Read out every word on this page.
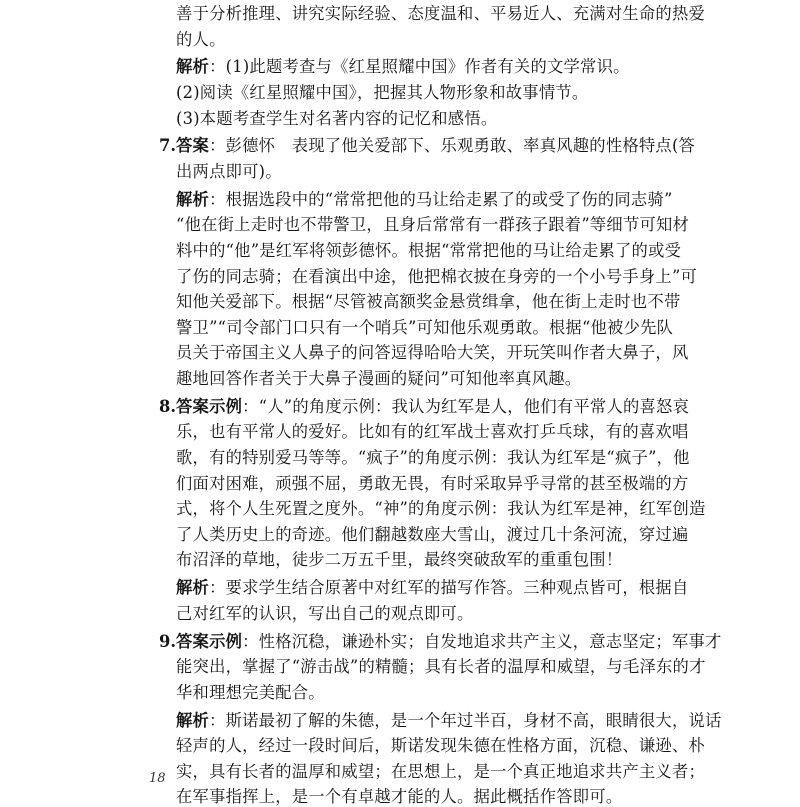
善于分析推理、讲究实际经验、态度温和、平易近人、充满对生命的热爱
的人。
解析：(1)此题考查与《红星照耀中国》作者有关的文学常识。
(2)阅读《红星照耀中国》，把握其人物形象和故事情节。
(3)本题考查学生对名著内容的记忆和感悟。
7. 答案：彭德怀　表现了他关爱部下、乐观勇敢、率真风趣的性格特点(答
出两点即可)。
解析：根据选段中的“常常把他的马让给走累了的或受了伤的同志骑”
“他在街上走时也不带警卫，且身后常常有一群孩子跟着”等细节可知材
料中的“他”是红军将领彭德怀。根据“常常把他的马让给走累了的或受
了伤的同志骑；在看演出中途，他把棉衣披在身旁的一个小号手身上”可
知他关爱部下。根据“尽管被高额奖金悬赏缉拿，他在街上走时也不带
警卫”“司令部门口只有一个哨兵”可知他乐观勇敢。根据“他被少先队
员关于帝国主义人鼻子的问答逗得哈哈大笑，开玩笑叫作者大鼻子，风
趣地回答作者关于大鼻子漫画的疑问”可知他率真风趣。
8. 答案示例：“人”的角度示例：我认为红军是人，他们有平常人的喜怒哀
乐，也有平常人的爱好。比如有的红军战士喜欢打乒乓球，有的喜欢唱
歌，有的特别爱马等等。“疯子”的角度示例：我认为红军是“疯子”，他
们面对困难，顽强不屈，勇敢无畏，有时采取异乎寻常的甚至极端的方
式，将个人生死置之度外。“神”的角度示例：我认为红军是神，红军创造
了人类历史上的奇迹。他们翻越数座大雪山，渡过几十条河流，穿过遍
布沼泽的草地，徒步二万五千里，最终突破敌军的重重包围！
解析：要求学生结合原著中对红军的描写作答。三种观点皆可，根据自
己对红军的认识，写出自己的观点即可。
9. 答案示例：性格沉稳，谦逊朴实；自发地追求共产主义，意志坚定；军事才
能突出，掌握了“游击战”的精髓；具有长者的温厚和威望，与毛泽东的才
华和理想完美配合。
解析：斯诺最初了解的朱德，是一个年过半百，身材不高，眼睛很大，说话
轻声的人，经过一段时间后，斯诺发现朱德在性格方面，沉稳、谦逊、朴
实，具有长者的温厚和威望；在思想上，是一个真正地追求共产主义者；
在军事指挥上，是一个有卓越才能的人。据此概括作答即可。
18
